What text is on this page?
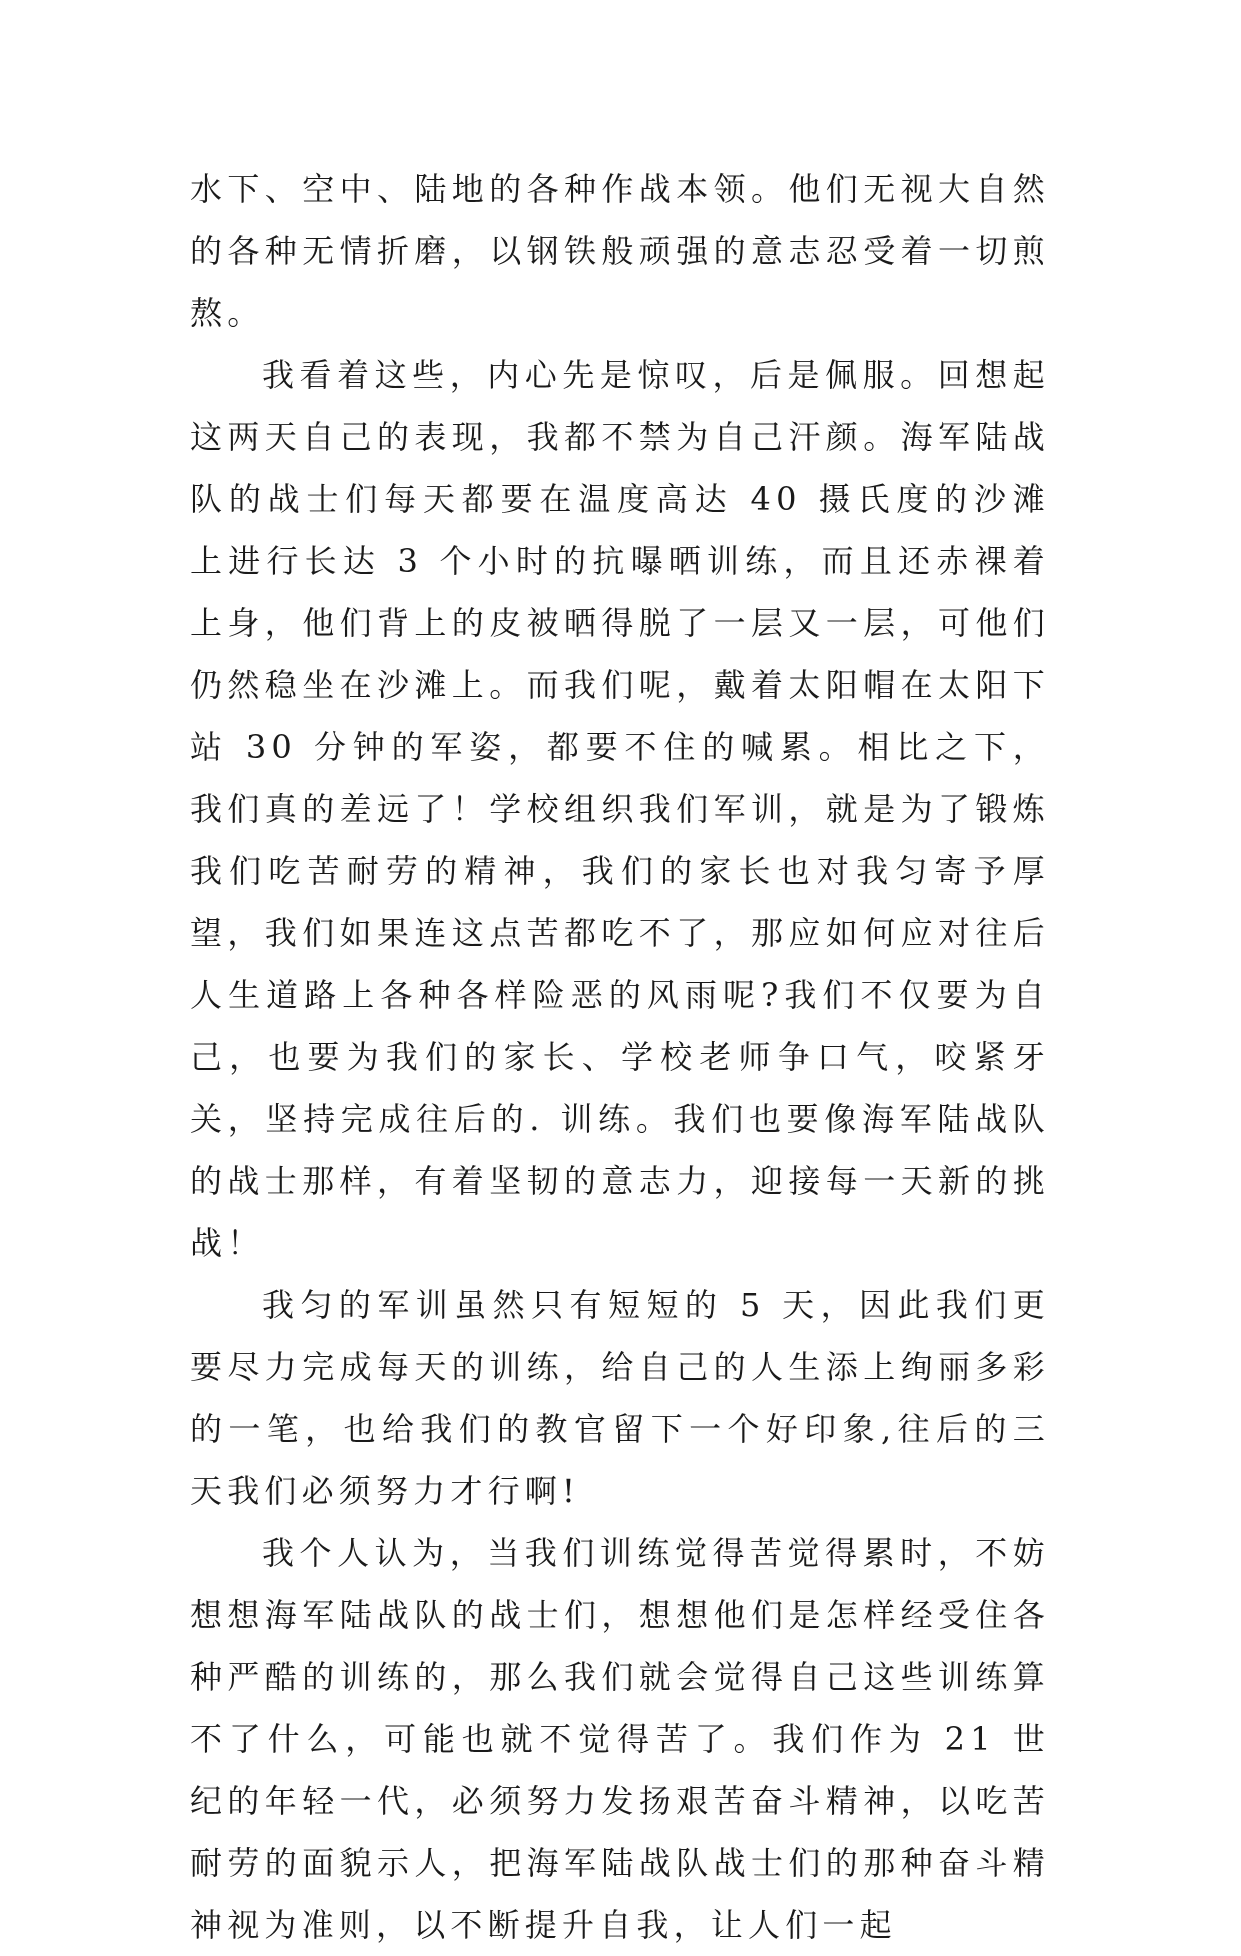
水下、空中、陆地的各种作战本领。他们无视大自然的各种无情折磨，以钢铁般顽强的意志忍受着一切煎熬。

我看着这些，内心先是惊叹，后是佩服。回想起这两天自己的表现，我都不禁为自己汗颜。海军陆战队的战士们每天都要在温度高达 40 摄氏度的沙滩上进行长达 3 个小时的抗曝晒训练，而且还赤裸着上身，他们背上的皮被晒得脱了一层又一层，可他们仍然稳坐在沙滩上。而我们呢，戴着太阳帽在太阳下站 30 分钟的军姿，都要不住的喊累。相比之下，我们真的差远了！学校组织我们军训，就是为了锻炼我们吃苦耐劳的精神，我们的家长也对我匀寄予厚望，我们如果连这点苦都吃不了，那应如何应对往后人生道路上各种各样险恶的风雨呢?我们不仅要为自己，也要为我们的家长、学校老师争口气，咬紧牙关，坚持完成往后的. 训练。我们也要像海军陆战队的战士那样，有着坚韧的意志力，迎接每一天新的挑战！

我匀的军训虽然只有短短的 5 天，因此我们更要尽力完成每天的训练，给自己的人生添上绚丽多彩的一笔，也给我们的教官留下一个好印象,往后的三天我们必须努力才行啊!

我个人认为，当我们训练觉得苦觉得累时，不妨想想海军陆战队的战士们，想想他们是怎样经受住各种严酷的训练的，那么我们就会觉得自己这些训练算不了什么，可能也就不觉得苦了。我们作为 21 世纪的年轻一代，必须努力发扬艰苦奋斗精神，以吃苦耐劳的面貌示人，把海军陆战队战士们的那种奋斗精神视为准则，以不断提升自我，让人们一起
